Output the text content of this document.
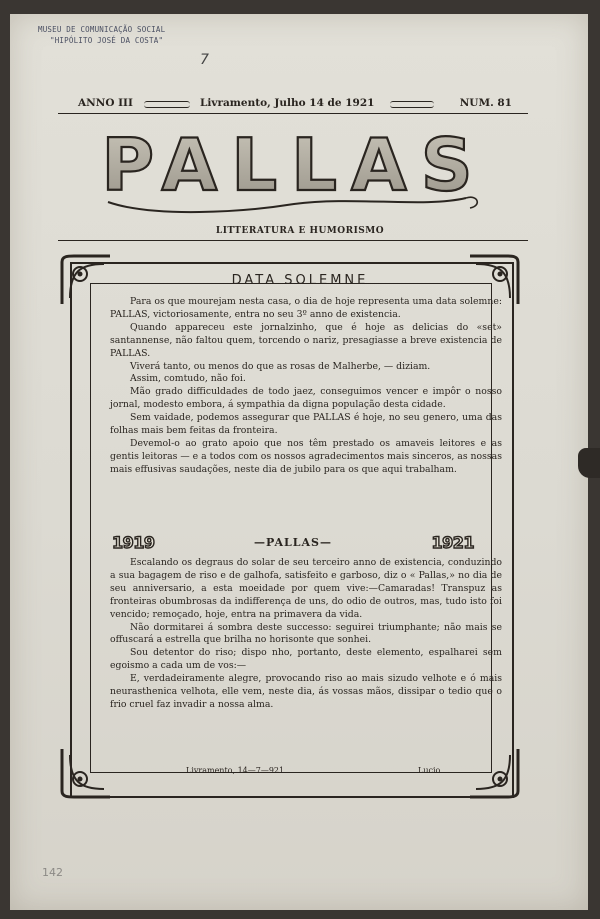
MUSEU DE COMUNICAÇÃO SOCIAL
"HIPÓLITO JOSÉ DA COSTA"
7
ANNO III	Livramento, Julho 14 de 1921	NUM. 81
PALLAS
LITTERATURA E HUMORISMO
DATA SOLEMNE

Para os que mourejam nesta casa, o dia de hoje representa uma data solemne: PALLAS, victoriosamente, entra no seu 3º anno de existencia.

Quando appareceu este jornalzinho, que é hoje as delicias do «set» santannense, não faltou quem, torcendo o nariz, presagiasse a breve existencia de PALLAS.

Viverá tanto, ou menos do que as rosas de Malherbe, — diziam.

Assim, comtudo, não foi.

Mão grado difficuldades de todo jaez, conseguimos vencer e impôr o nosso jornal, modesto embora, á sympathia da digna população desta cidade.

Sem vaidade, podemos assegurar que PALLAS é hoje, no seu genero, uma das folhas mais bem feitas da fronteira.

Devemol-o ao grato apoio que nos têm prestado os amaveis leitores e as gentis leitoras — e a todos com os nossos agradecimentos mais sinceros, as nossas mais effusivas saudações, neste dia de jubilo para os que aqui trabalham.

1919	—PALLAS—	1921

Escalando os degraus do solar de seu terceiro anno de existencia, conduzindo a sua bagagem de riso e de galhofa, satisfeito e garboso, diz o « Pallas,» no dia de seu anniversario, a esta moeidade por quem vive:—Camaradas! Transpuz as fronteiras obumbrosas da indifferença de uns, do odio de outros, mas, tudo isto foi vencido; remoçado, hoje, entra na primavera da vida.

Não dormitarei á sombra deste successo: seguirei triumphante; não mais se offuscará a estrella que brilha no horisonte que sonhei.

Sou detentor do riso; dispo nho, portanto, deste elemento, espalharei sem egoismo a cada um de vos:—

E, verdadeiramente alegre, provocando riso ao mais sizudo velhote e ó mais neurasthenica velhota, elle vem, neste dia, ás vossas mãos, dissipar o tedio que o frio cruel faz invadir a nossa alma.

Livramento, 14—7—921	Lucio
142
